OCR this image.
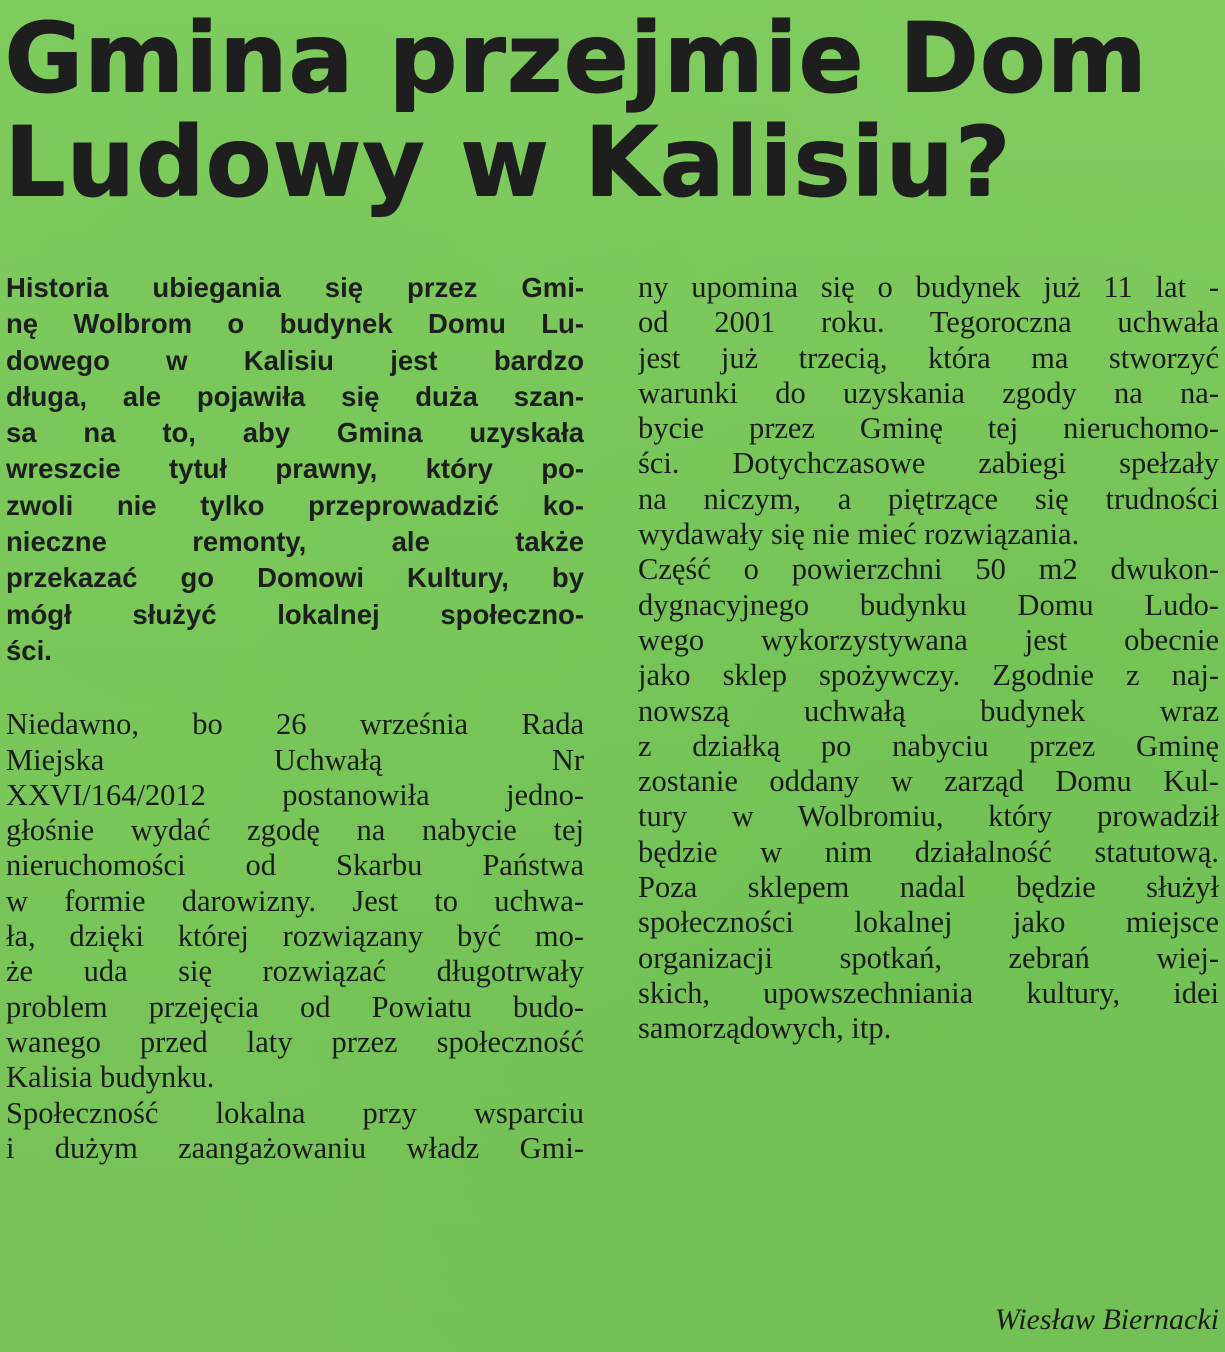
Gmina przejmie Dom
Ludowy w Kalisiu?
Historia ubiegania się przez Gmi-
nę Wolbrom o budynek Domu Lu-
dowego w Kalisiu jest bardzo
długa, ale pojawiła się duża szan-
sa na to, aby Gmina uzyskała
wreszcie tytuł prawny, który po-
zwoli nie tylko przeprowadzić ko-
nieczne remonty, ale także
przekazać go Domowi Kultury, by
mógł służyć lokalnej społeczno-
ści.
Niedawno, bo 26 września Rada
Miejska Uchwałą Nr
XXVI/164/2012 postanowiła jedno-
głośnie wydać zgodę na nabycie tej
nieruchomości od Skarbu Państwa
w formie darowizny. Jest to uchwa-
ła, dzięki której rozwiązany być mo-
że uda się rozwiązać długotrwały
problem przejęcia od Powiatu budo-
wanego przed laty przez społeczność
Kalisia budynku.
Społeczność lokalna przy wsparciu
i dużym zaangażowaniu władz Gmi-
ny upomina się o budynek już 11 lat -
od 2001 roku. Tegoroczna uchwała
jest już trzecią, która ma stworzyć
warunki do uzyskania zgody na na-
bycie przez Gminę tej nieruchomo-
ści. Dotychczasowe zabiegi spełzały
na niczym, a piętrzące się trudności
wydawały się nie mieć rozwiązania.
Część o powierzchni 50 m2 dwukon-
dygnacyjnego budynku Domu Ludo-
wego wykorzystywana jest obecnie
jako sklep spożywczy. Zgodnie z naj-
nowszą uchwałą budynek wraz
z działką po nabyciu przez Gminę
zostanie oddany w zarząd Domu Kul-
tury w Wolbromiu, który prowadził
będzie w nim działalność statutową.
Poza sklepem nadal będzie służył
społeczności lokalnej jako miejsce
organizacji spotkań, zebrań wiej-
skich, upowszechniania kultury, idei
samorządowych, itp.

Wiesław Biernacki
